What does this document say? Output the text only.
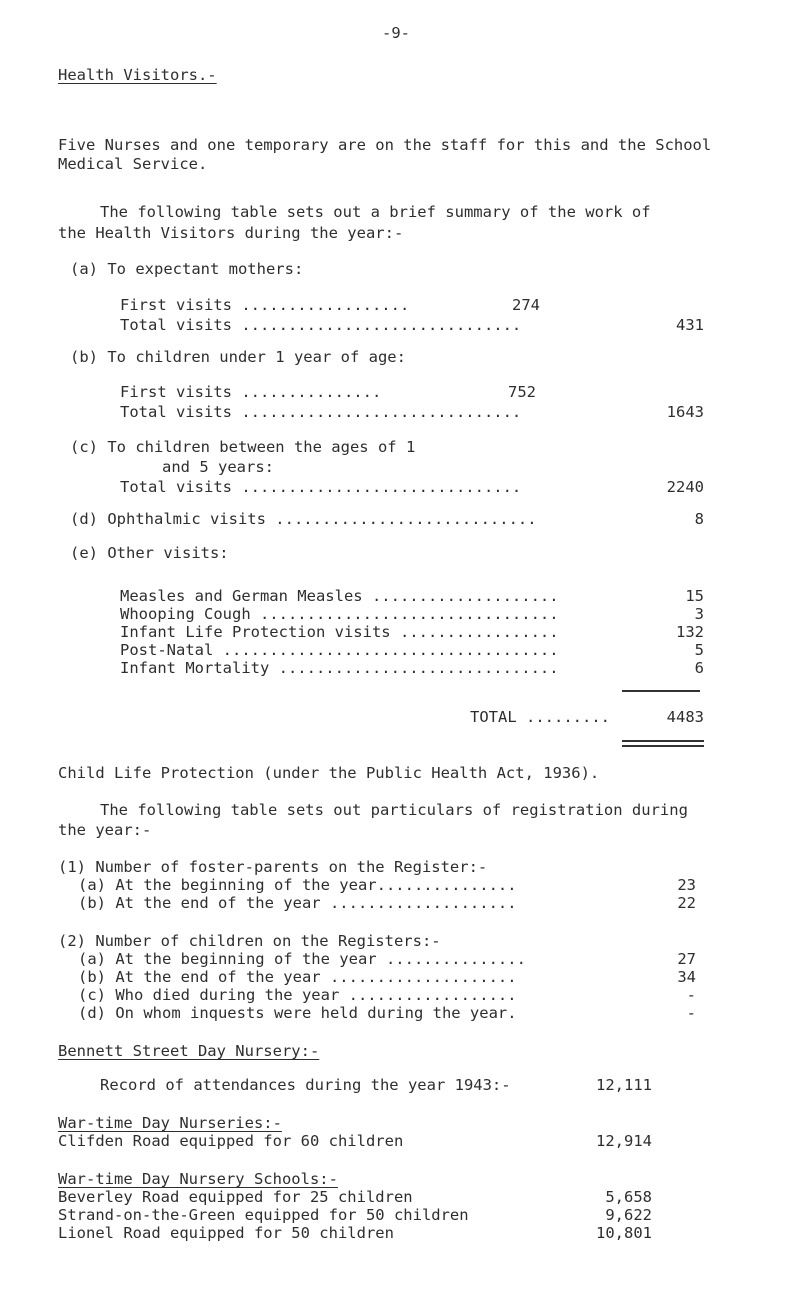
-9-
Health Visitors.-
Five Nurses and one temporary are on the staff for this and the School Medical Service.
The following table sets out a brief summary of the work of
the Health Visitors during the year:-
(a) To expectant mothers:
First visits ..................	274
Total visits ..............................	431
(b) To children under 1 year of age:
First visits ...............	752
Total visits ..............................	1643
(c) To children between the ages of 1
and 5 years:
Total visits ..............................	2240
(d) Ophthalmic visits ............................	8
(e) Other visits:
Measles and German Measles ....................	15
Whooping Cough ................................	3
Infant Life Protection visits .................	132
Post-Natal ....................................	5
Infant Mortality ..............................	6
TOTAL .........	4483
Child Life Protection (under the Public Health Act, 1936).
The following table sets out particulars of registration during
the year:-
(1) Number of foster-parents on the Register:-
(a) At the beginning of the year...............	23
(b) At the end of the year ....................	22
(2) Number of children on the Registers:-
(a) At the beginning of the year ...............	27
(b) At the end of the year ....................	34
(c) Who died during the year ..................	-
(d) On whom inquests were held during the year.	-
Bennett Street Day Nursery:-
Record of attendances during the year 1943:-	12,111
War-time Day Nurseries:-
Clifden Road equipped for 60 children	12,914
War-time Day Nursery Schools:-
Beverley Road equipped for 25 children	5,658
Strand-on-the-Green equipped for 50 children	9,622
Lionel Road equipped for 50 children	10,801
